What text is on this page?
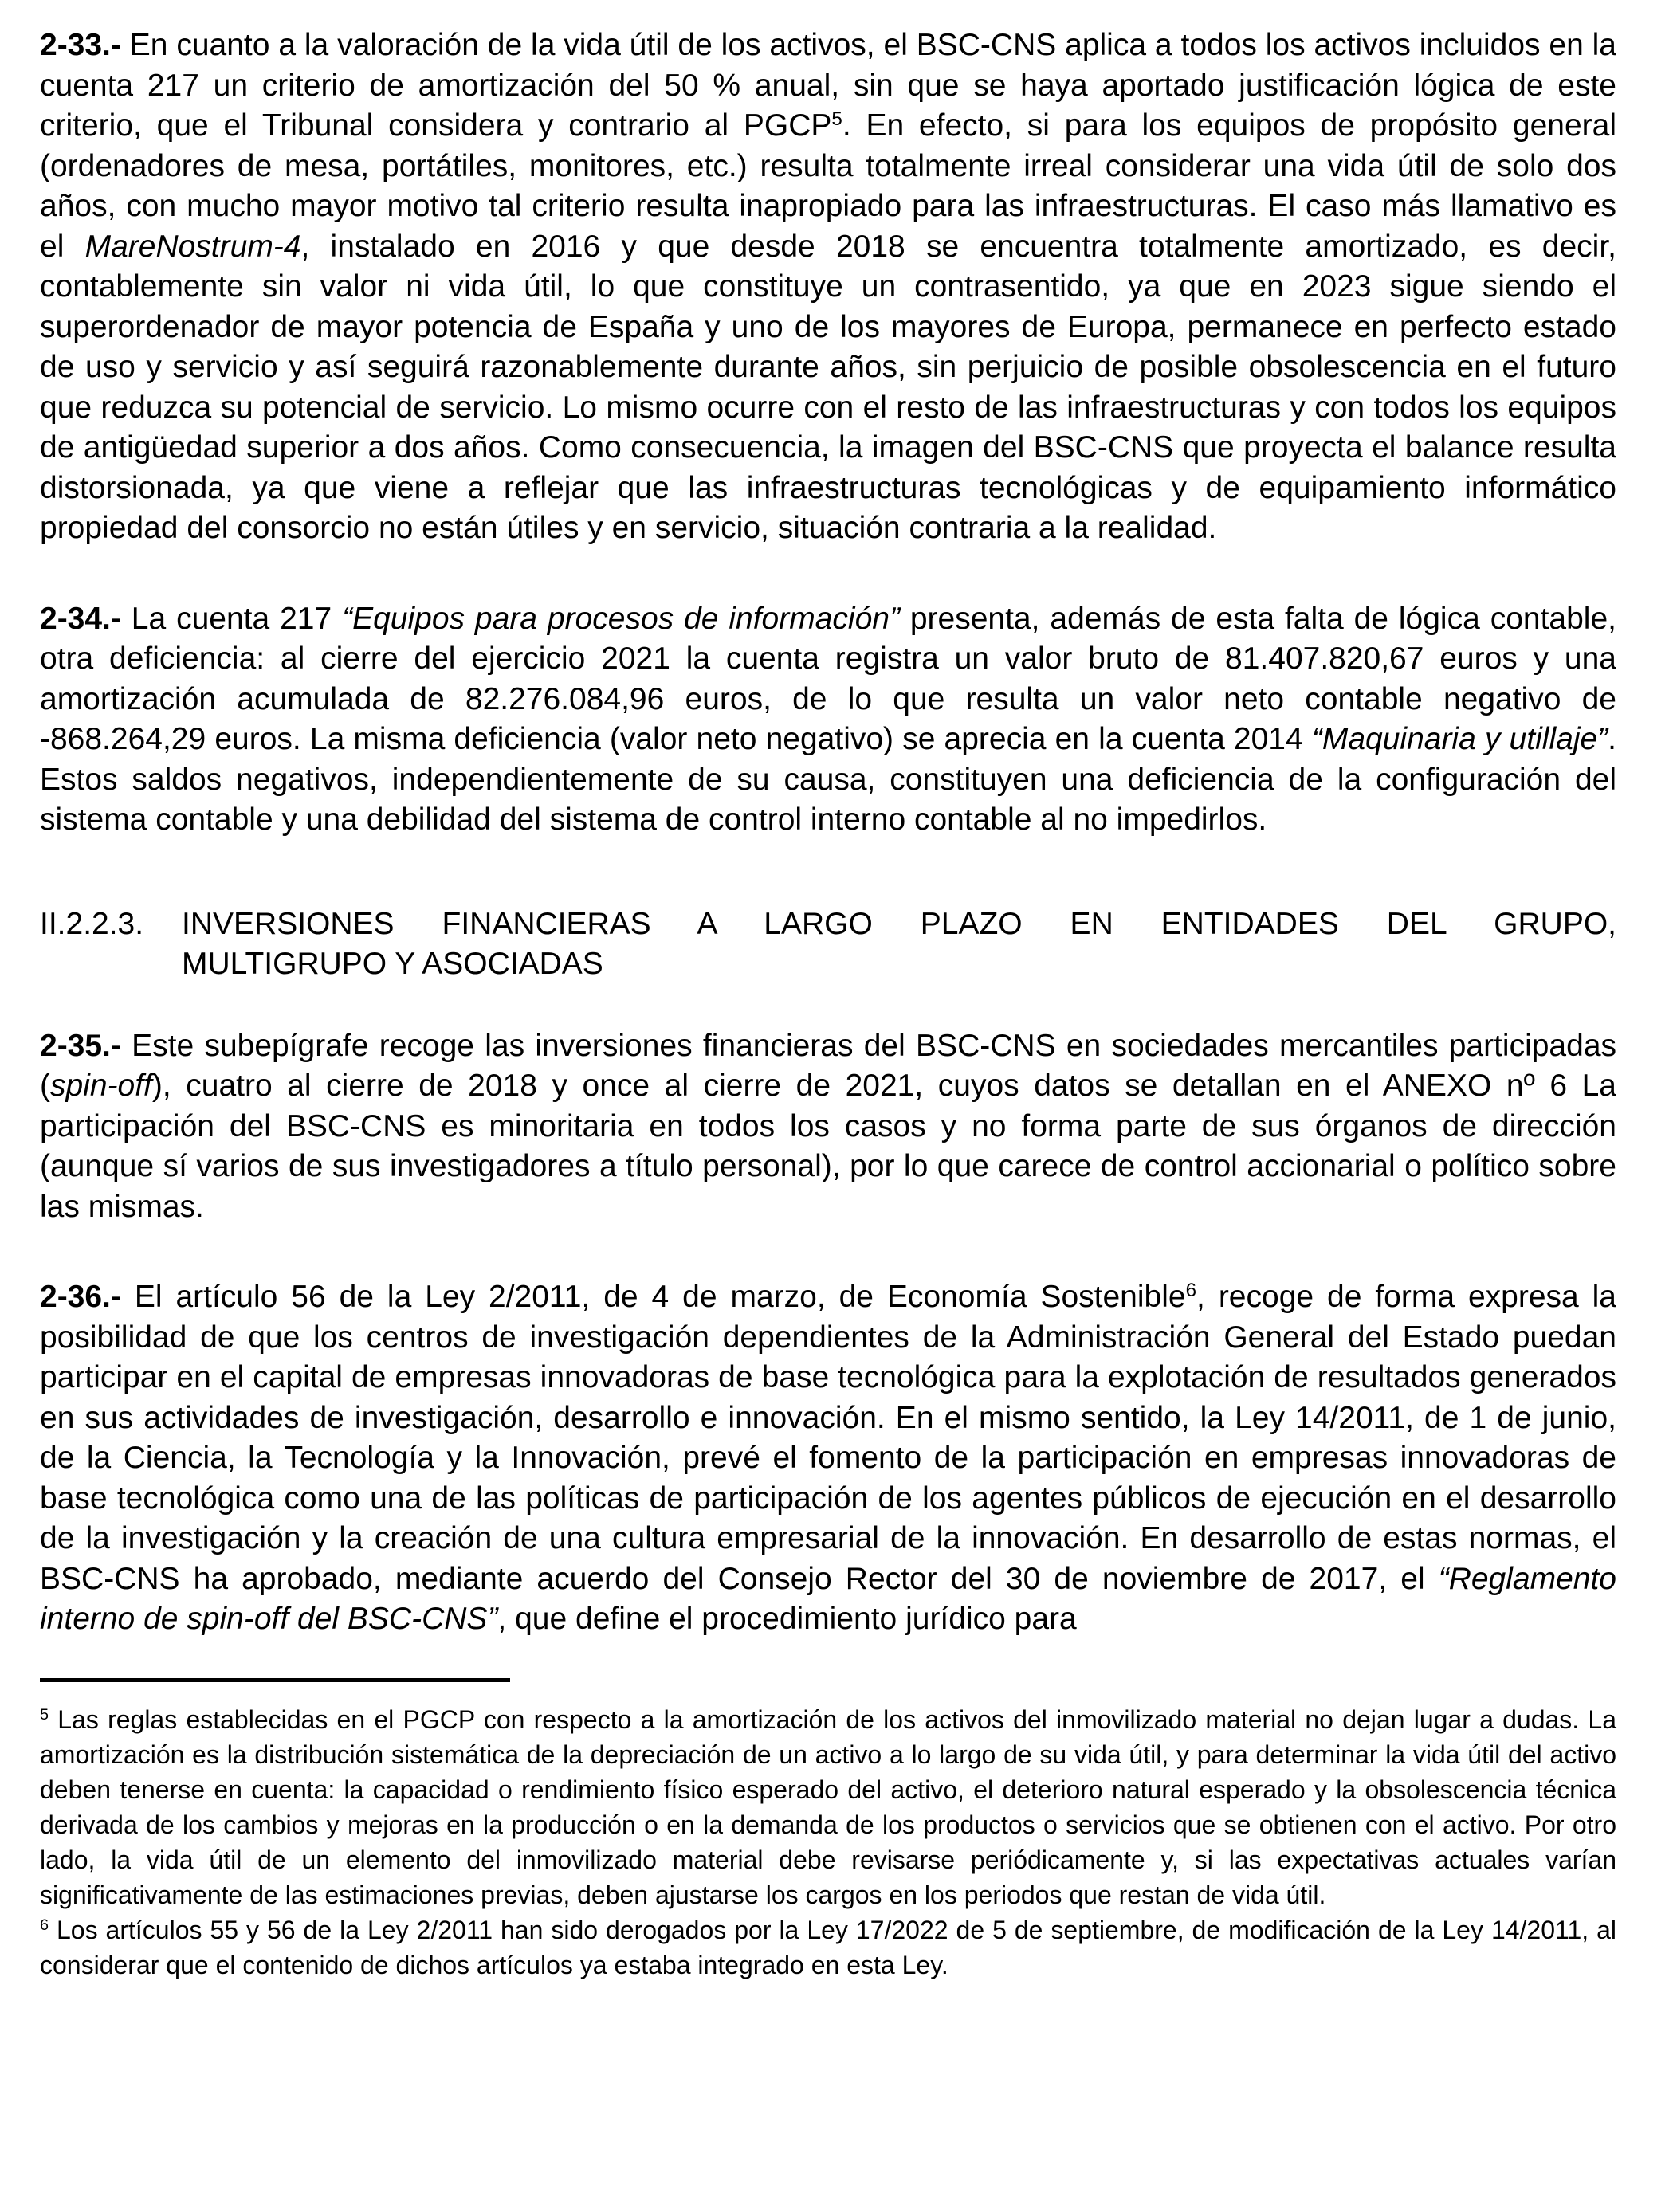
2-33.- En cuanto a la valoración de la vida útil de los activos, el BSC-CNS aplica a todos los activos incluidos en la cuenta 217 un criterio de amortización del 50 % anual, sin que se haya aportado justificación lógica de este criterio, que el Tribunal considera y contrario al PGCP$^5$. En efecto, si para los equipos de propósito general (ordenadores de mesa, portátiles, monitores, etc.) resulta totalmente irreal considerar una vida útil de solo dos años, con mucho mayor motivo tal criterio resulta inapropiado para las infraestructuras. El caso más llamativo es el MareNostrum-4, instalado en 2016 y que desde 2018 se encuentra totalmente amortizado, es decir, contablemente sin valor ni vida útil, lo que constituye un contrasentido, ya que en 2023 sigue siendo el superordenador de mayor potencia de España y uno de los mayores de Europa, permanece en perfecto estado de uso y servicio y así seguirá razonablemente durante años, sin perjuicio de posible obsolescencia en el futuro que reduzca su potencial de servicio. Lo mismo ocurre con el resto de las infraestructuras y con todos los equipos de antigüedad superior a dos años. Como consecuencia, la imagen del BSC-CNS que proyecta el balance resulta distorsionada, ya que viene a reflejar que las infraestructuras tecnológicas y de equipamiento informático propiedad del consorcio no están útiles y en servicio, situación contraria a la realidad.

2-34.- La cuenta 217 “Equipos para procesos de información” presenta, además de esta falta de lógica contable, otra deficiencia: al cierre del ejercicio 2021 la cuenta registra un valor bruto de 81.407.820,67 euros y una amortización acumulada de 82.276.084,96 euros, de lo que resulta un valor neto contable negativo de -868.264,29 euros. La misma deficiencia (valor neto negativo) se aprecia en la cuenta 2014 “Maquinaria y utillaje”. Estos saldos negativos, independientemente de su causa, constituyen una deficiencia de la configuración del sistema contable y una debilidad del sistema de control interno contable al no impedirlos.

II.2.2.3.	INVERSIONES FINANCIERAS A LARGO PLAZO EN ENTIDADES DEL GRUPO,
MULTIGRUPO Y ASOCIADAS

2-35.- Este subepígrafe recoge las inversiones financieras del BSC-CNS en sociedades mercantiles participadas (spin-off), cuatro al cierre de 2018 y once al cierre de 2021, cuyos datos se detallan en el ANEXO nº 6 La participación del BSC-CNS es minoritaria en todos los casos y no forma parte de sus órganos de dirección (aunque sí varios de sus investigadores a título personal), por lo que carece de control accionarial o político sobre las mismas.

2-36.- El artículo 56 de la Ley 2/2011, de 4 de marzo, de Economía Sostenible$^6$, recoge de forma expresa la posibilidad de que los centros de investigación dependientes de la Administración General del Estado puedan participar en el capital de empresas innovadoras de base tecnológica para la explotación de resultados generados en sus actividades de investigación, desarrollo e innovación. En el mismo sentido, la Ley 14/2011, de 1 de junio, de la Ciencia, la Tecnología y la Innovación, prevé el fomento de la participación en empresas innovadoras de base tecnológica como una de las políticas de participación de los agentes públicos de ejecución en el desarrollo de la investigación y la creación de una cultura empresarial de la innovación. En desarrollo de estas normas, el BSC-CNS ha aprobado, mediante acuerdo del Consejo Rector del 30 de noviembre de 2017, el “Reglamento interno de spin-off del BSC-CNS”, que define el procedimiento jurídico para

$^5$ Las reglas establecidas en el PGCP con respecto a la amortización de los activos del inmovilizado material no dejan lugar a dudas. La amortización es la distribución sistemática de la depreciación de un activo a lo largo de su vida útil, y para determinar la vida útil del activo deben tenerse en cuenta: la capacidad o rendimiento físico esperado del activo, el deterioro natural esperado y la obsolescencia técnica derivada de los cambios y mejoras en la producción o en la demanda de los productos o servicios que se obtienen con el activo. Por otro lado, la vida útil de un elemento del inmovilizado material debe revisarse periódicamente y, si las expectativas actuales varían significativamente de las estimaciones previas, deben ajustarse los cargos en los periodos que restan de vida útil.

$^6$ Los artículos 55 y 56 de la Ley 2/2011 han sido derogados por la Ley 17/2022 de 5 de septiembre, de modificación de la Ley 14/2011, al considerar que el contenido de dichos artículos ya estaba integrado en esta Ley.
